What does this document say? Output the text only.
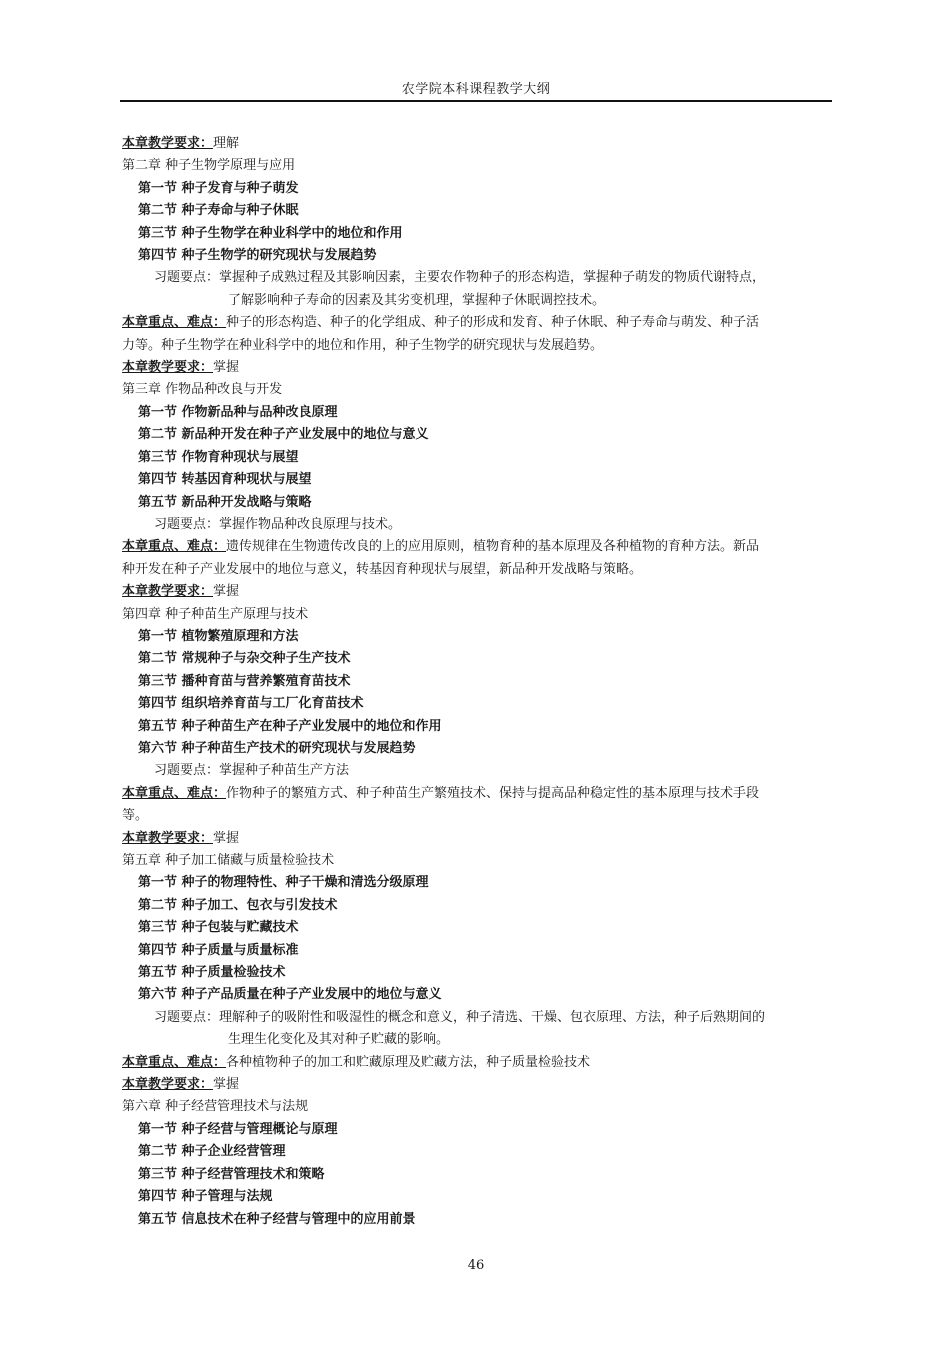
农学院本科课程教学大纲

本章教学要求：理解

第二章 种子生物学原理与应用

第一节 种子发育与种子萌发

第二节 种子寿命与种子休眠

第三节 种子生物学在种业科学中的地位和作用

第四节 种子生物学的研究现状与发展趋势

习题要点：掌握种子成熟过程及其影响因素，主要农作物种子的形态构造，掌握种子萌发的物质代谢特点，

了解影响种子寿命的因素及其劣变机理，掌握种子休眠调控技术。

本章重点、难点：种子的形态构造、种子的化学组成、种子的形成和发育、种子休眠、种子寿命与萌发、种子活

力等。种子生物学在种业科学中的地位和作用，种子生物学的研究现状与发展趋势。

本章教学要求：掌握

第三章 作物品种改良与开发

第一节 作物新品种与品种改良原理

第二节 新品种开发在种子产业发展中的地位与意义

第三节 作物育种现状与展望

第四节 转基因育种现状与展望

第五节 新品种开发战略与策略

习题要点：掌握作物品种改良原理与技术。

本章重点、难点：遗传规律在生物遗传改良的上的应用原则，植物育种的基本原理及各种植物的育种方法。新品

种开发在种子产业发展中的地位与意义，转基因育种现状与展望，新品种开发战略与策略。

本章教学要求：掌握

第四章 种子种苗生产原理与技术

第一节 植物繁殖原理和方法

第二节 常规种子与杂交种子生产技术

第三节 播种育苗与营养繁殖育苗技术

第四节 组织培养育苗与工厂化育苗技术

第五节 种子种苗生产在种子产业发展中的地位和作用

第六节 种子种苗生产技术的研究现状与发展趋势

习题要点：掌握种子种苗生产方法

本章重点、难点：作物种子的繁殖方式、种子种苗生产繁殖技术、保持与提高品种稳定性的基本原理与技术手段

等。

本章教学要求：掌握

第五章 种子加工储藏与质量检验技术

第一节 种子的物理特性、种子干燥和清选分级原理

第二节 种子加工、包衣与引发技术

第三节 种子包装与贮藏技术

第四节 种子质量与质量标准

第五节 种子质量检验技术

第六节 种子产品质量在种子产业发展中的地位与意义

习题要点：理解种子的吸附性和吸湿性的概念和意义，种子清选、干燥、包衣原理、方法，种子后熟期间的

生理生化变化及其对种子贮藏的影响。

本章重点、难点：各种植物种子的加工和贮藏原理及贮藏方法，种子质量检验技术

本章教学要求：掌握

第六章 种子经营管理技术与法规

第一节 种子经营与管理概论与原理

第二节 种子企业经营管理

第三节 种子经营管理技术和策略

第四节 种子管理与法规

第五节 信息技术在种子经营与管理中的应用前景

46
